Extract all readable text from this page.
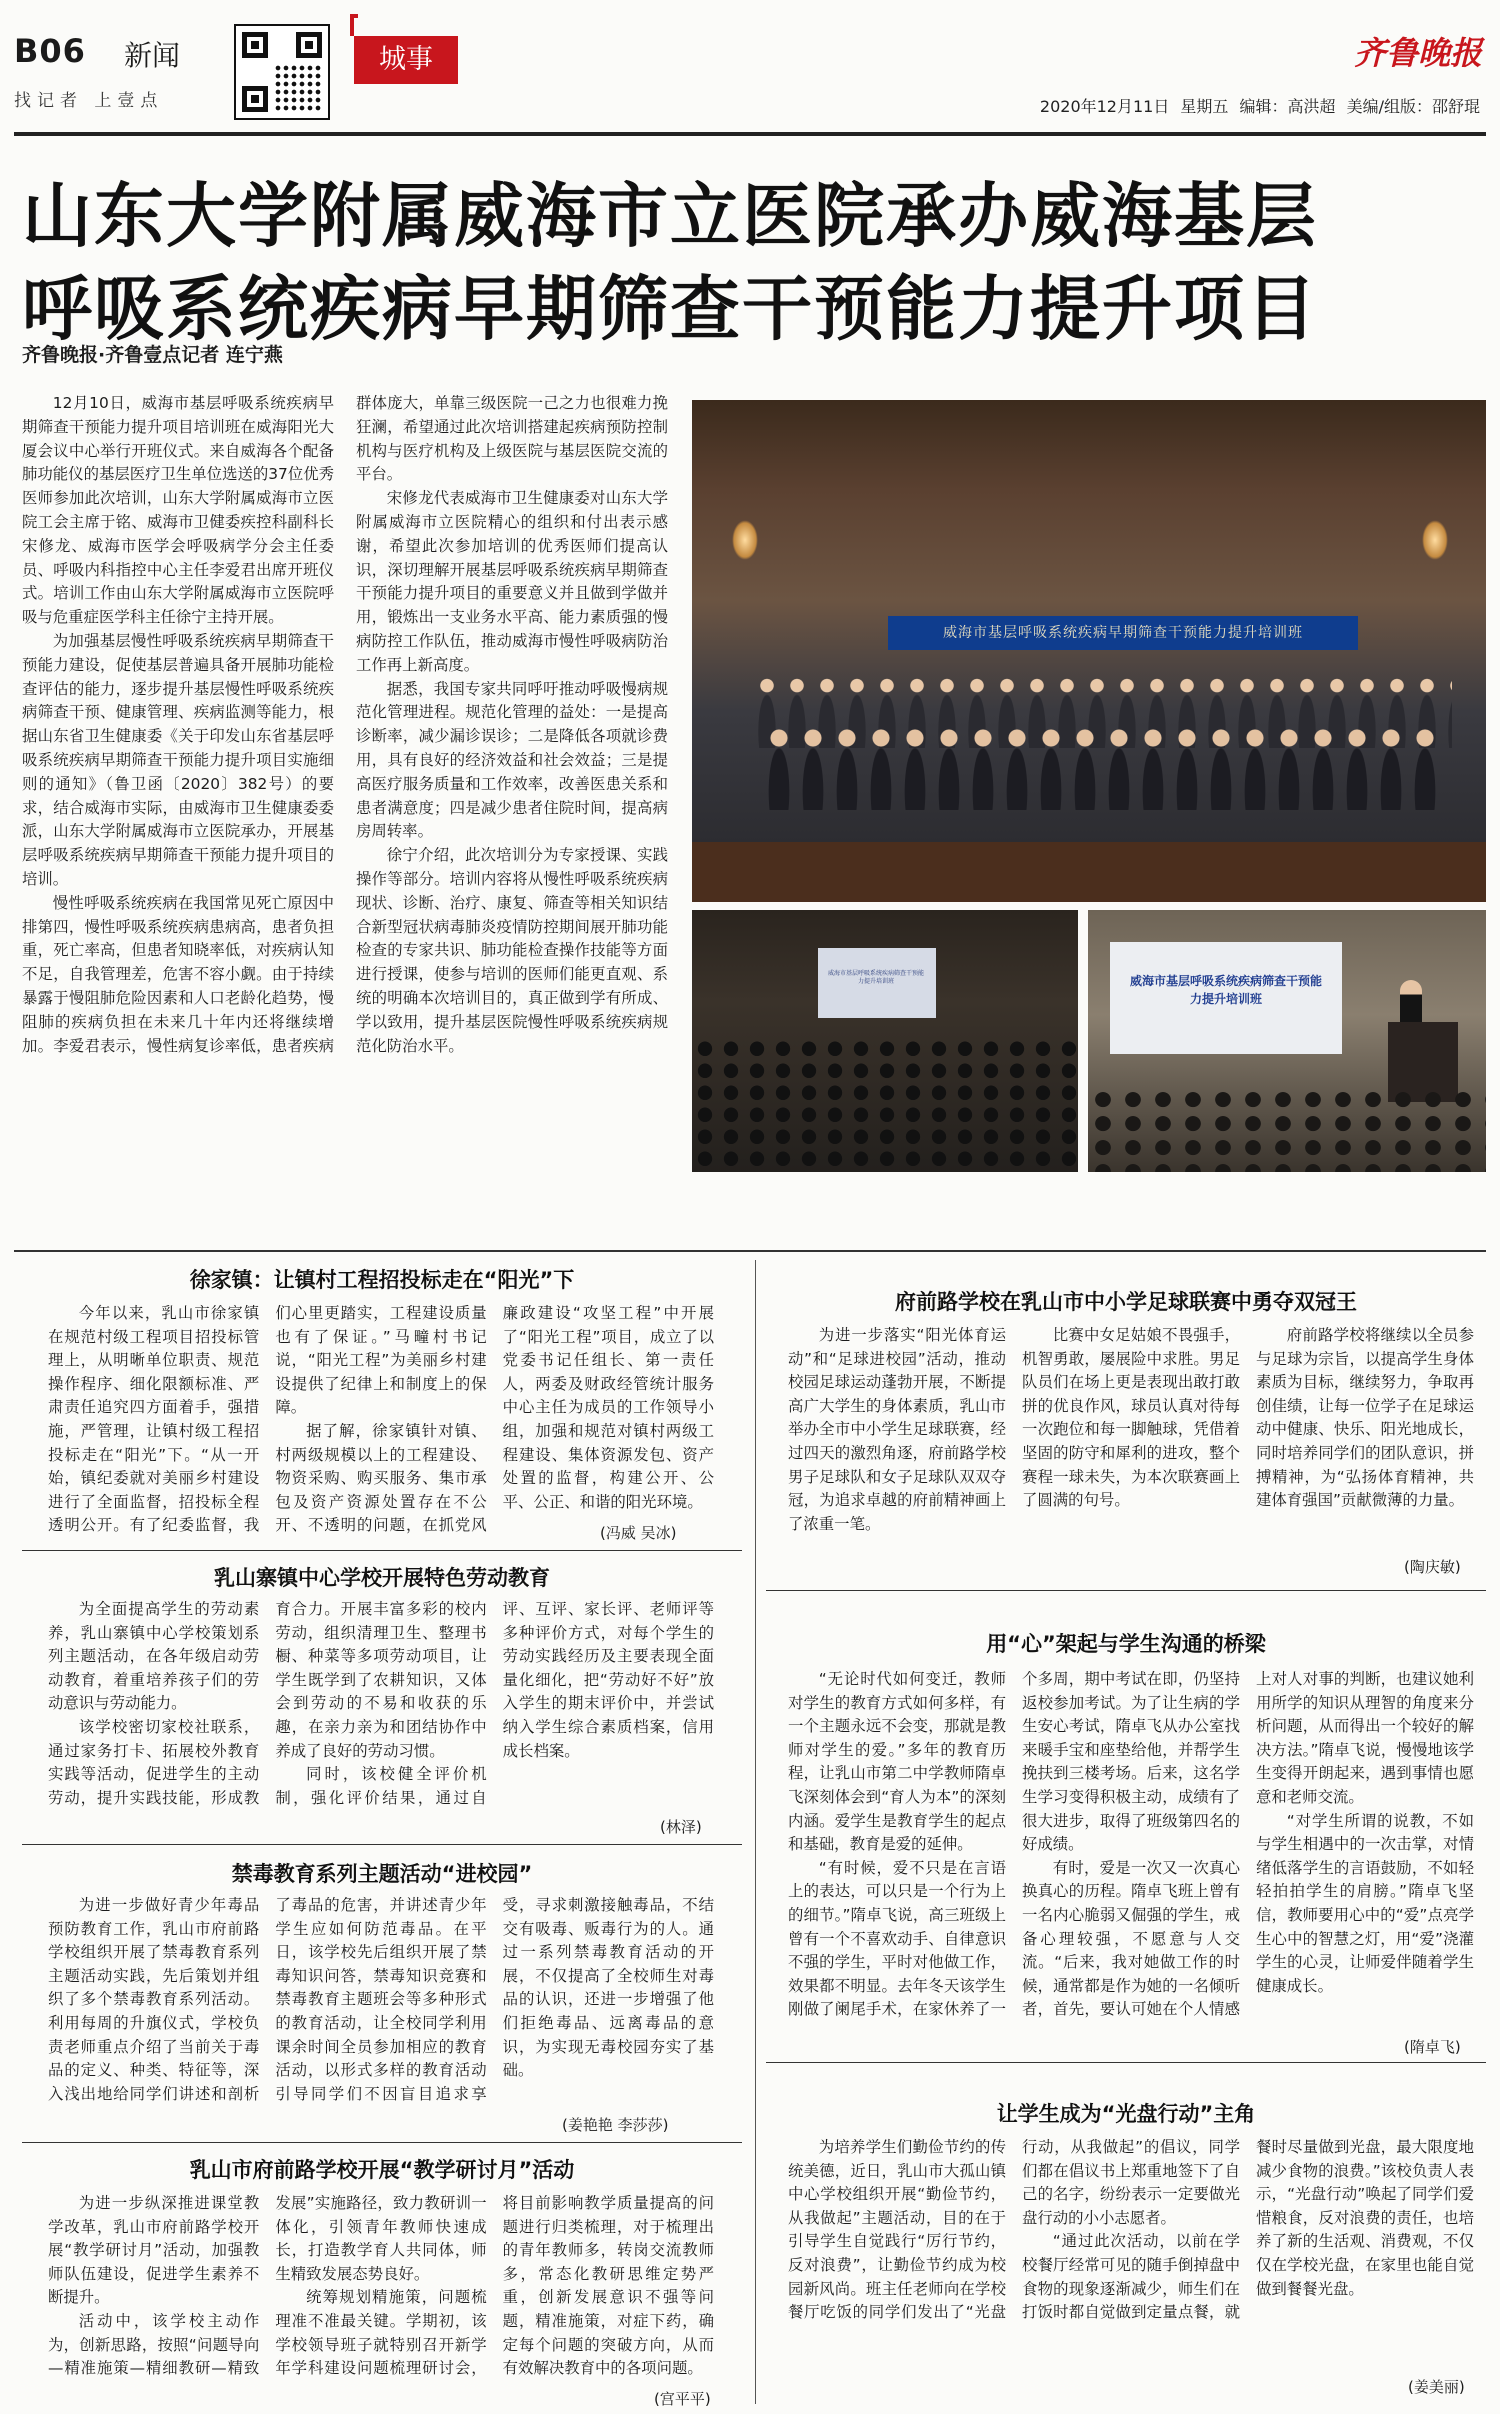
B06 新闻
找记者 上壹点
城事	齐鲁晚报
2020年12月11日 星期五 编辑：高洪超 美编/组版：邵舒琨
山东大学附属威海市立医院承办威海基层
呼吸系统疾病早期筛查干预能力提升项目
齐鲁晚报·齐鲁壹点记者 连宁燕

12月10日，威海市基层呼吸系统疾病早期筛查干预能力提升项目培训班在威海阳光大厦会议中心举行开班仪式。来自威海各个配备肺功能仪的基层医疗卫生单位选送的37位优秀医师参加此次培训，山东大学附属威海市立医院工会主席于铭、威海市卫健委疾控科副科长宋修龙、威海市医学会呼吸病学分会主任委员、呼吸内科指控中心主任李爱君出席开班仪式。培训工作由山东大学附属威海市立医院呼吸与危重症医学科主任徐宁主持开展。

为加强基层慢性呼吸系统疾病早期筛查干预能力建设，促使基层普遍具备开展肺功能检查评估的能力，逐步提升基层慢性呼吸系统疾病筛查干预、健康管理、疾病监测等能力，根据山东省卫生健康委《关于印发山东省基层呼吸系统疾病早期筛查干预能力提升项目实施细则的通知》（鲁卫函〔2020〕382号）的要求，结合威海市实际，由威海市卫生健康委委派，山东大学附属威海市立医院承办，开展基层呼吸系统疾病早期筛查干预能力提升项目的培训。

慢性呼吸系统疾病在我国常见死亡原因中排第四，慢性呼吸系统疾病患病高，患者负担重，死亡率高，但患者知晓率低，对疾病认知不足，自我管理差，危害不容小觑。由于持续暴露于慢阻肺危险因素和人口老龄化趋势，慢阻肺的疾病负担在未来几十年内还将继续增加。李爱君表示，慢性病复诊率低，患者疾病群体庞大，单靠三级医院一己之力也很难力挽狂澜，希望通过此次培训搭建起疾病预防控制机构与医疗机构及上级医院与基层医院交流的平台。

宋修龙代表威海市卫生健康委对山东大学附属威海市立医院精心的组织和付出表示感谢，希望此次参加培训的优秀医师们提高认识，深切理解开展基层呼吸系统疾病早期筛查干预能力提升项目的重要意义并且做到学做并用，锻炼出一支业务水平高、能力素质强的慢病防控工作队伍，推动威海市慢性呼吸病防治工作再上新高度。

据悉，我国专家共同呼吁推动呼吸慢病规范化管理进程。规范化管理的益处：一是提高诊断率，减少漏诊误诊；二是降低各项就诊费用，具有良好的经济效益和社会效益；三是提高医疗服务质量和工作效率，改善医患关系和患者满意度；四是减少患者住院时间，提高病房周转率。

徐宁介绍，此次培训分为专家授课、实践操作等部分。培训内容将从慢性呼吸系统疾病现状、诊断、治疗、康复、筛查等相关知识结合新型冠状病毒肺炎疫情防控期间展开肺功能检查的专家共识、肺功能检查操作技能等方面进行授课，使参与培训的医师们能更直观、系统的明确本次培训目的，真正做到学有所成、学以致用，提升基层医院慢性呼吸系统疾病规范化防治水平。

威海市基层呼吸系统疾病早期筛查干预能力提升培训班
威海市基层呼吸系统疾病筛查干预能力提升培训班	威海市基层呼吸系统疾病筛查干预能力提升培训班
徐家镇：让镇村工程招投标走在“阳光”下

今年以来，乳山市徐家镇在规范村级工程项目招投标管理上，从明晰单位职责、规范操作程序、细化限额标准、严肃责任追究四方面着手，强措施，严管理，让镇村级工程招投标走在“阳光”下。“从一开始，镇纪委就对美丽乡村建设进行了全面监督，招投标全程透明公开。有了纪委监督，我们心里更踏实，工程建设质量也有了保证。”马疃村书记说，“阳光工程”为美丽乡村建设提供了纪律上和制度上的保障。

据了解，徐家镇针对镇、村两级规模以上的工程建设、物资采购、购买服务、集市承包及资产资源处置存在不公开、不透明的问题，在抓党风廉政建设“攻坚工程”中开展了“阳光工程”项目，成立了以党委书记任组长、第一责任人，两委及财政经管统计服务中心主任为成员的工作领导小组，加强和规范对镇村两级工程建设、集体资源发包、资产处置的监督，构建公开、公平、公正、和谐的阳光环境。

(冯威 吴冰)
乳山寨镇中心学校开展特色劳动教育

为全面提高学生的劳动素养，乳山寨镇中心学校策划系列主题活动，在各年级启动劳动教育，着重培养孩子们的劳动意识与劳动能力。

该学校密切家校社联系，通过家务打卡、拓展校外教育实践等活动，促进学生的主动劳动，提升实践技能，形成教育合力。开展丰富多彩的校内劳动，组织清理卫生、整理书橱、种菜等多项劳动项目，让学生既学到了农耕知识，又体会到劳动的不易和收获的乐趣，在亲力亲为和团结协作中养成了良好的劳动习惯。

同时，该校健全评价机制，强化评价结果，通过自评、互评、家长评、老师评等多种评价方式，对每个学生的劳动实践经历及主要表现全面量化细化，把“劳动好不好”放入学生的期末评价中，并尝试纳入学生综合素质档案，信用成长档案。

(林泽)
禁毒教育系列主题活动“进校园”

为进一步做好青少年毒品预防教育工作，乳山市府前路学校组织开展了禁毒教育系列主题活动实践，先后策划并组织了多个禁毒教育系列活动。利用每周的升旗仪式，学校负责老师重点介绍了当前关于毒品的定义、种类、特征等，深入浅出地给同学们讲述和剖析了毒品的危害，并讲述青少年学生应如何防范毒品。在平日，该学校先后组织开展了禁毒知识问答，禁毒知识竞赛和禁毒教育主题班会等多种形式的教育活动，让全校同学利用课余时间全员参加相应的教育活动，以形式多样的教育活动引导同学们不因盲目追求享受，寻求刺激接触毒品，不结交有吸毒、贩毒行为的人。通过一系列禁毒教育活动的开展，不仅提高了全校师生对毒品的认识，还进一步增强了他们拒绝毒品、远离毒品的意识，为实现无毒校园夯实了基础。

(姜艳艳 李莎莎)
乳山市府前路学校开展“教学研讨月”活动

为进一步纵深推进课堂教学改革，乳山市府前路学校开展“教学研讨月”活动，加强教师队伍建设，促进学生素养不断提升。

活动中，该学校主动作为，创新思路，按照“问题导向—精准施策—精细教研—精致发展”实施路径，致力教研训一体化，引领青年教师快速成长，打造教学育人共同体，师生精致发展态势良好。

统筹规划精施策，问题梳理准不准最关键。学期初，该学校领导班子就特别召开新学年学科建设问题梳理研讨会，将目前影响教学质量提高的问题进行归类梳理，对于梳理出的青年教师多，转岗交流教师多，常态化教研思维定势严重，创新发展意识不强等问题，精准施策，对症下药，确定每个问题的突破方向，从而有效解决教育中的各项问题。

(宫平平)
府前路学校在乳山市中小学足球联赛中勇夺双冠王

为进一步落实“阳光体育运动”和“足球进校园”活动，推动校园足球运动蓬勃开展，不断提高广大学生的身体素质，乳山市举办全市中小学生足球联赛，经过四天的激烈角逐，府前路学校男子足球队和女子足球队双双夺冠，为追求卓越的府前精神画上了浓重一笔。

比赛中女足姑娘不畏强手，机智勇敢，屡展险中求胜。男足队员们在场上更是表现出敢打敢拼的优良作风，球员认真对待每一次跑位和每一脚触球，凭借着坚固的防守和犀利的进攻，整个赛程一球未失，为本次联赛画上了圆满的句号。

府前路学校将继续以全员参与足球为宗旨，以提高学生身体素质为目标，继续努力，争取再创佳绩，让每一位学子在足球运动中健康、快乐、阳光地成长，同时培养同学们的团队意识，拼搏精神，为“弘扬体育精神，共建体育强国”贡献微薄的力量。

(陶庆敏)
用“心”架起与学生沟通的桥梁

“无论时代如何变迁，教师对学生的教育方式如何多样，有一个主题永远不会变，那就是教师对学生的爱。”多年的教育历程，让乳山市第二中学教师隋卓飞深刻体会到“育人为本”的深刻内涵。爱学生是教育学生的起点和基础，教育是爱的延伸。

“有时候，爱不只是在言语上的表达，可以只是一个行为上的细节。”隋卓飞说，高三班级上曾有一个不喜欢动手、自律意识不强的学生，平时对他做工作，效果都不明显。去年冬天该学生刚做了阑尾手术，在家休养了一个多周，期中考试在即，仍坚持返校参加考试。为了让生病的学生安心考试，隋卓飞从办公室找来暖手宝和座垫给他，并帮学生挽扶到三楼考场。后来，这名学生学习变得积极主动，成绩有了很大进步，取得了班级第四名的好成绩。

有时，爱是一次又一次真心换真心的历程。隋卓飞班上曾有一名内心脆弱又倔强的学生，戒备心理较强，不愿意与人交流。“后来，我对她做工作的时候，通常都是作为她的一名倾听者，首先，要认可她在个人情感上对人对事的判断，也建议她利用所学的知识从理智的角度来分析问题，从而得出一个较好的解决方法。”隋卓飞说，慢慢地该学生变得开朗起来，遇到事情也愿意和老师交流。

“对学生所谓的说教，不如与学生相遇中的一次击掌，对情绪低落学生的言语鼓励，不如轻轻拍拍学生的肩膀。”隋卓飞坚信，教师要用心中的“爱”点亮学生心中的智慧之灯，用“爱”浇灌学生的心灵，让师爱伴随着学生健康成长。

(隋卓飞)
让学生成为“光盘行动”主角

为培养学生们勤俭节约的传统美德，近日，乳山市大孤山镇中心学校组织开展“勤俭节约，从我做起”主题活动，目的在于引导学生自觉践行“厉行节约，反对浪费”，让勤俭节约成为校园新风尚。班主任老师向在学校餐厅吃饭的同学们发出了“光盘行动，从我做起”的倡议，同学们都在倡议书上郑重地签下了自己的名字，纷纷表示一定要做光盘行动的小小志愿者。

“通过此次活动，以前在学校餐厅经常可见的随手倒掉盘中食物的现象逐渐减少，师生们在打饭时都自觉做到定量点餐，就餐时尽量做到光盘，最大限度地减少食物的浪费。”该校负责人表示，“光盘行动”唤起了同学们爱惜粮食，反对浪费的责任，也培养了新的生活观、消费观，不仅仅在学校光盘，在家里也能自觉做到餐餐光盘。

(姜美丽)
